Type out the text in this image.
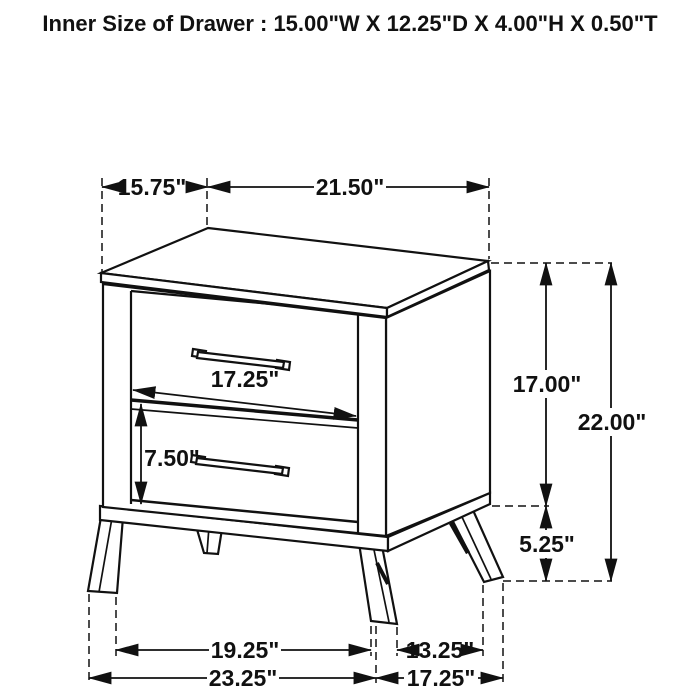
Inner Size of Drawer : 15.00"W X 12.25"D X 4.00"H X 0.50"T
15.75"	21.50"
17.00"
22.00"
5.25"
17.25"
7.50"
19.25"	13.25"
23.25"	17.25"
